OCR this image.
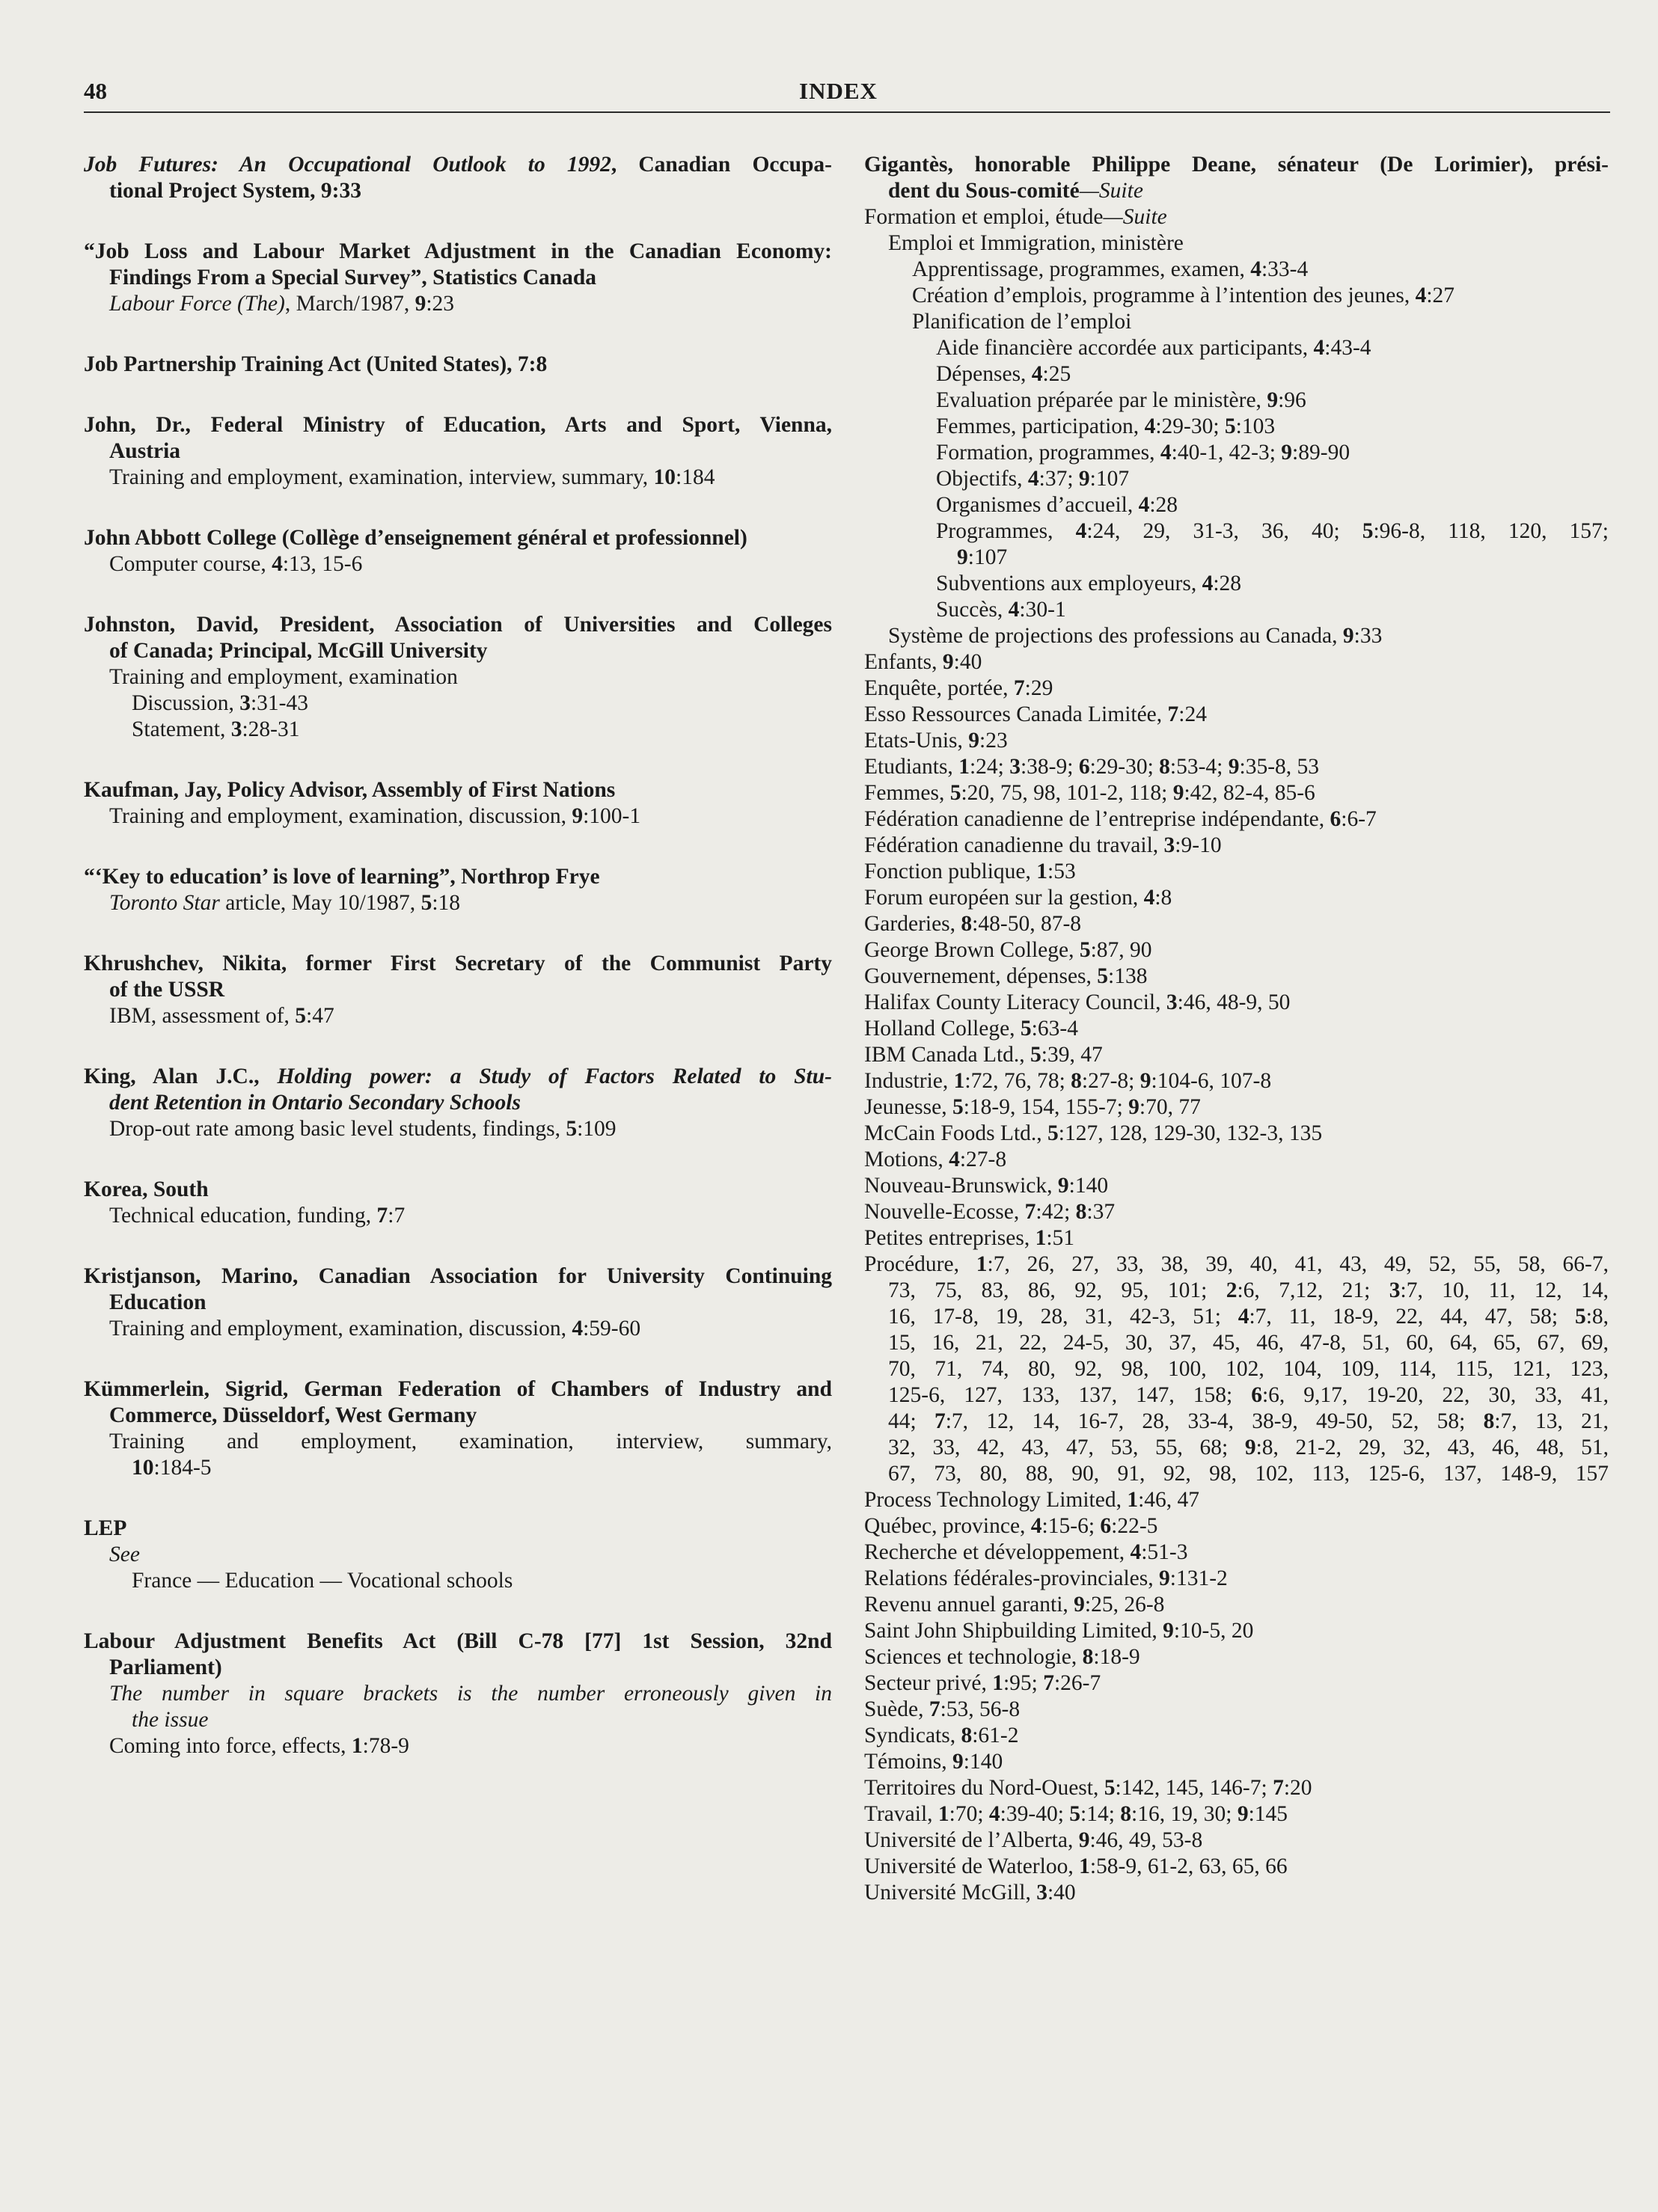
48	INDEX
Job Futures: An Occupational Outlook to 1992, Canadian Occupa-
tional Project System, 9:33
“Job Loss and Labour Market Adjustment in the Canadian Economy:
Findings From a Special Survey”, Statistics Canada
Labour Force (The), March/1987, 9:23
Job Partnership Training Act (United States), 7:8
John, Dr., Federal Ministry of Education, Arts and Sport, Vienna,
Austria
Training and employment, examination, interview, summary, 10:184
John Abbott College (Collège d’enseignement général et professionnel)
Computer course, 4:13, 15-6
Johnston, David, President, Association of Universities and Colleges
of Canada; Principal, McGill University
Training and employment, examination
Discussion, 3:31-43
Statement, 3:28-31
Kaufman, Jay, Policy Advisor, Assembly of First Nations
Training and employment, examination, discussion, 9:100-1
“‘Key to education’ is love of learning”, Northrop Frye
Toronto Star article, May 10/1987, 5:18
Khrushchev, Nikita, former First Secretary of the Communist Party
of the USSR
IBM, assessment of, 5:47
King, Alan J.C., Holding power: a Study of Factors Related to Stu-
dent Retention in Ontario Secondary Schools
Drop-out rate among basic level students, findings, 5:109
Korea, South
Technical education, funding, 7:7
Kristjanson, Marino, Canadian Association for University Continuing
Education
Training and employment, examination, discussion, 4:59-60
Kümmerlein, Sigrid, German Federation of Chambers of Industry and
Commerce, Düsseldorf, West Germany
Training and employment, examination, interview, summary,
10:184-5
LEP
See
France — Education — Vocational schools
Labour Adjustment Benefits Act (Bill C-78 [77] 1st Session, 32nd
Parliament)
The number in square brackets is the number erroneously given in
the issue
Coming into force, effects, 1:78-9
Gigantès, honorable Philippe Deane, sénateur (De Lorimier), prési-
dent du Sous-comité—Suite
Formation et emploi, étude—Suite
Emploi et Immigration, ministère
Apprentissage, programmes, examen, 4:33-4
Création d’emplois, programme à l’intention des jeunes, 4:27
Planification de l’emploi
Aide financière accordée aux participants, 4:43-4
Dépenses, 4:25
Evaluation préparée par le ministère, 9:96
Femmes, participation, 4:29-30; 5:103
Formation, programmes, 4:40-1, 42-3; 9:89-90
Objectifs, 4:37; 9:107
Organismes d’accueil, 4:28
Programmes, 4:24, 29, 31-3, 36, 40; 5:96-8, 118, 120, 157;
9:107
Subventions aux employeurs, 4:28
Succès, 4:30-1
Système de projections des professions au Canada, 9:33
Enfants, 9:40
Enquête, portée, 7:29
Esso Ressources Canada Limitée, 7:24
Etats-Unis, 9:23
Etudiants, 1:24; 3:38-9; 6:29-30; 8:53-4; 9:35-8, 53
Femmes, 5:20, 75, 98, 101-2, 118; 9:42, 82-4, 85-6
Fédération canadienne de l’entreprise indépendante, 6:6-7
Fédération canadienne du travail, 3:9-10
Fonction publique, 1:53
Forum européen sur la gestion, 4:8
Garderies, 8:48-50, 87-8
George Brown College, 5:87, 90
Gouvernement, dépenses, 5:138
Halifax County Literacy Council, 3:46, 48-9, 50
Holland College, 5:63-4
IBM Canada Ltd., 5:39, 47
Industrie, 1:72, 76, 78; 8:27-8; 9:104-6, 107-8
Jeunesse, 5:18-9, 154, 155-7; 9:70, 77
McCain Foods Ltd., 5:127, 128, 129-30, 132-3, 135
Motions, 4:27-8
Nouveau-Brunswick, 9:140
Nouvelle-Ecosse, 7:42; 8:37
Petites entreprises, 1:51
Procédure, 1:7, 26, 27, 33, 38, 39, 40, 41, 43, 49, 52, 55, 58, 66-7,
73, 75, 83, 86, 92, 95, 101; 2:6, 7,12, 21; 3:7, 10, 11, 12, 14,
16, 17-8, 19, 28, 31, 42-3, 51; 4:7, 11, 18-9, 22, 44, 47, 58; 5:8,
15, 16, 21, 22, 24-5, 30, 37, 45, 46, 47-8, 51, 60, 64, 65, 67, 69,
70, 71, 74, 80, 92, 98, 100, 102, 104, 109, 114, 115, 121, 123,
125-6, 127, 133, 137, 147, 158; 6:6, 9,17, 19-20, 22, 30, 33, 41,
44; 7:7, 12, 14, 16-7, 28, 33-4, 38-9, 49-50, 52, 58; 8:7, 13, 21,
32, 33, 42, 43, 47, 53, 55, 68; 9:8, 21-2, 29, 32, 43, 46, 48, 51,
67, 73, 80, 88, 90, 91, 92, 98, 102, 113, 125-6, 137, 148-9, 157
Process Technology Limited, 1:46, 47
Québec, province, 4:15-6; 6:22-5
Recherche et développement, 4:51-3
Relations fédérales-provinciales, 9:131-2
Revenu annuel garanti, 9:25, 26-8
Saint John Shipbuilding Limited, 9:10-5, 20
Sciences et technologie, 8:18-9
Secteur privé, 1:95; 7:26-7
Suède, 7:53, 56-8
Syndicats, 8:61-2
Témoins, 9:140
Territoires du Nord-Ouest, 5:142, 145, 146-7; 7:20
Travail, 1:70; 4:39-40; 5:14; 8:16, 19, 30; 9:145
Université de l’Alberta, 9:46, 49, 53-8
Université de Waterloo, 1:58-9, 61-2, 63, 65, 66
Université McGill, 3:40
